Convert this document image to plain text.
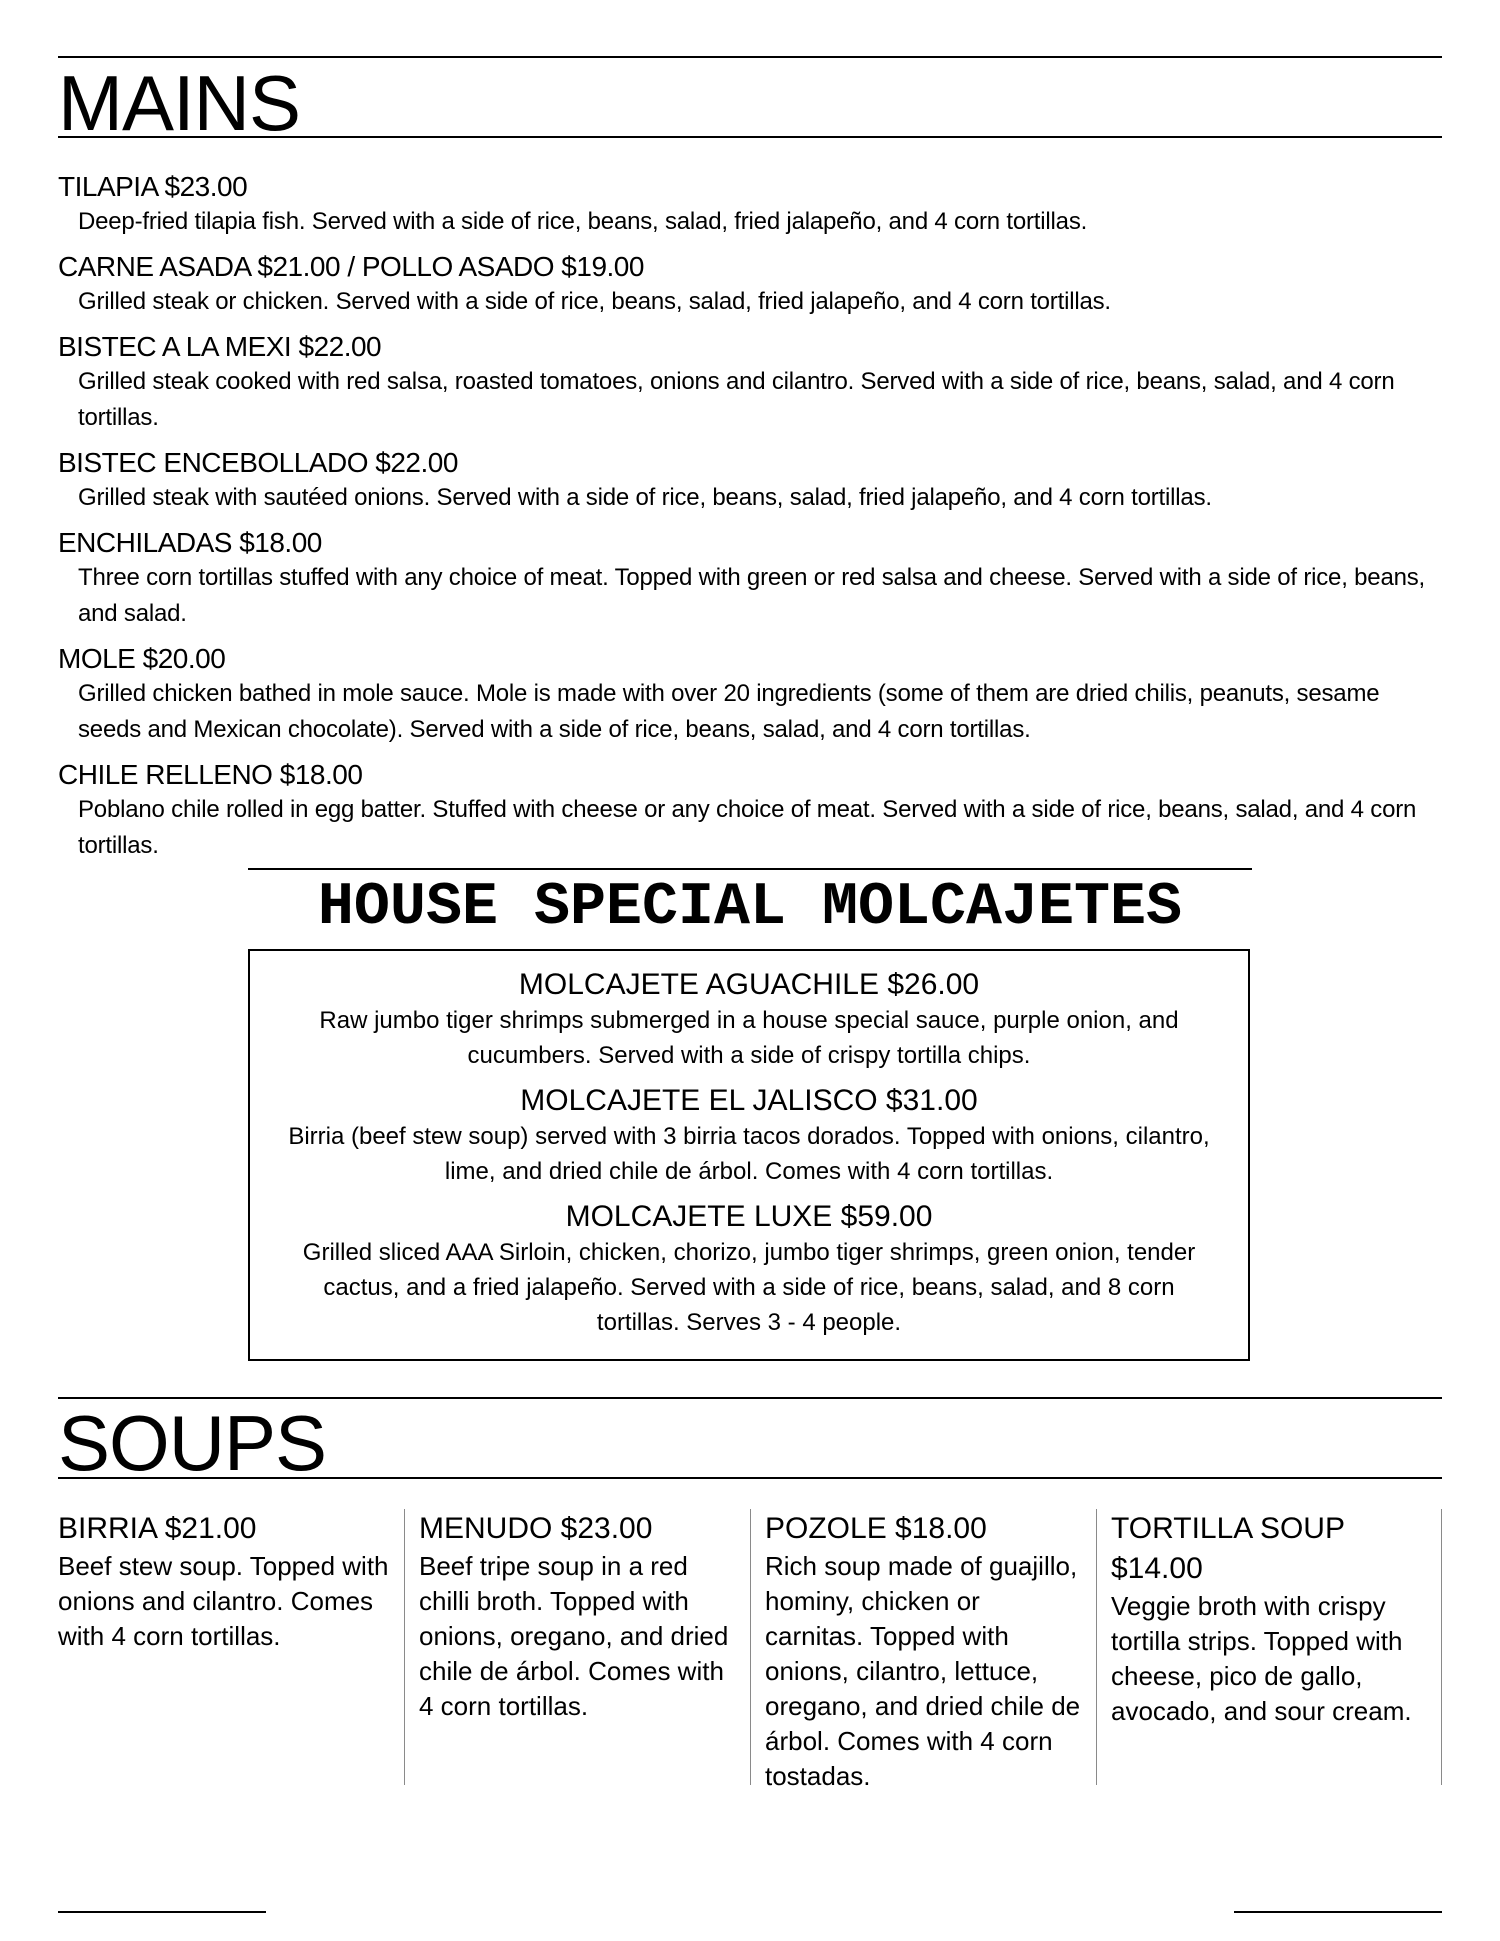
MAINS
TILAPIA $23.00
Deep-fried tilapia fish. Served with a side of rice, beans, salad, fried jalapeño, and 4 corn tortillas.
CARNE ASADA $21.00 / POLLO ASADO $19.00
Grilled steak or chicken. Served with a side of rice, beans, salad, fried jalapeño, and 4 corn tortillas.
BISTEC A LA MEXI $22.00
Grilled steak cooked with red salsa, roasted tomatoes, onions and cilantro. Served with a side of rice, beans, salad, and 4 corn tortillas.
BISTEC ENCEBOLLADO $22.00
Grilled steak with sautéed onions. Served with a side of rice, beans, salad, fried jalapeño, and 4 corn tortillas.
ENCHILADAS $18.00
Three corn tortillas stuffed with any choice of meat. Topped with green or red salsa and cheese. Served with a side of rice, beans, and salad.
MOLE $20.00
Grilled chicken bathed in mole sauce. Mole is made with over 20 ingredients (some of them are dried chilis, peanuts, sesame seeds and Mexican chocolate). Served with a side of rice, beans, salad, and 4 corn tortillas.
CHILE RELLENO $18.00
Poblano chile rolled in egg batter. Stuffed with cheese or any choice of meat. Served with a side of rice, beans, salad, and 4 corn tortillas.
HOUSE SPECIAL MOLCAJETES
MOLCAJETE AGUACHILE $26.00
Raw jumbo tiger shrimps submerged in a house special sauce, purple onion, and cucumbers. Served with a side of crispy tortilla chips.
MOLCAJETE EL JALISCO $31.00
Birria (beef stew soup) served with 3 birria tacos dorados. Topped with onions, cilantro, lime, and dried chile de árbol. Comes with 4 corn tortillas.
MOLCAJETE LUXE $59.00
Grilled sliced AAA Sirloin, chicken, chorizo, jumbo tiger shrimps, green onion, tender cactus, and a fried jalapeño. Served with a side of rice, beans, salad, and 8 corn tortillas. Serves 3 - 4 people.
SOUPS
BIRRIA $21.00
Beef stew soup. Topped with onions and cilantro. Comes with 4 corn tortillas.
MENUDO $23.00
Beef tripe soup in a red chilli broth. Topped with onions, oregano, and dried chile de árbol. Comes with 4 corn tortillas.
POZOLE $18.00
Rich soup made of guajillo, hominy, chicken or carnitas. Topped with onions, cilantro, lettuce, oregano, and dried chile de árbol. Comes with 4 corn tostadas.
TORTILLA SOUP $14.00
Veggie broth with crispy tortilla strips. Topped with cheese, pico de gallo, avocado, and sour cream.
